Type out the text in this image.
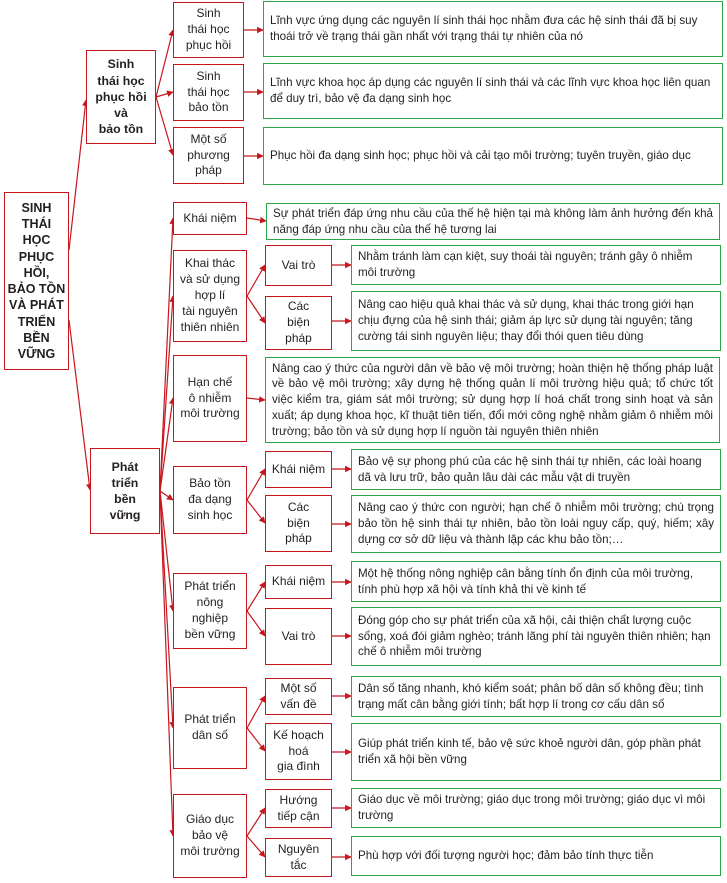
SINH
THÁI
HỌC
PHỤC
HỒI,
BẢO TỒN
VÀ PHÁT
TRIỂN
BỀN
VỮNG
Sinh
thái học
phục hồi
và
bảo tồn
Sinh
thái học
phục hồi
Lĩnh vực ứng dụng các nguyên lí sinh thái học nhằm đưa các hệ sinh thái đã bị suy thoái trở về trạng thái gần nhất với trạng thái tự nhiên của nó
Sinh
thái học
bảo tồn
Lĩnh vực khoa học áp dụng các nguyên lí sinh thái và các lĩnh vực khoa học liên quan để duy trì, bảo vệ đa dạng sinh học
Một số
phương
pháp
Phục hồi đa dạng sinh học; phục hồi và cải tạo môi trường; tuyên truyền, giáo dục
Phát
triển
bền
vững
Khái niệm	Sự phát triển đáp ứng nhu cầu của thế hệ hiện tại mà không làm ảnh hưởng đến khả năng đáp ứng nhu cầu của thế hệ tương lai
Khai thác
và sử dụng
hợp lí
tài nguyên
thiên nhiên
Vai trò
Nhằm tránh làm cạn kiệt, suy thoái tài nguyên; tránh gây ô nhiễm môi trường
Các
biện
pháp
Nâng cao hiệu quả khai thác và sử dụng, khai thác trong giới hạn chịu đựng của hệ sinh thái; giảm áp lực sử dụng tài nguyên; tăng cường tái sinh nguyên liệu; thay đổi thói quen tiêu dùng
Hạn chế
ô nhiễm
môi trường
Nâng cao ý thức của người dân về bảo vệ môi trường; hoàn thiện hệ thống pháp luật về bảo vệ môi trường; xây dựng hệ thống quản lí môi trường hiệu quả; tổ chức tốt việc kiểm tra, giám sát môi trường; sử dụng hợp lí hoá chất trong sinh hoạt và sản xuất; áp dụng khoa học, kĩ thuật tiên tiến, đổi mới công nghệ nhằm giảm ô nhiễm môi trường; bảo tồn và sử dụng hợp lí nguồn tài nguyên thiên nhiên
Bảo tồn
đa dạng
sinh học
Khái niệm
Bảo vệ sự phong phú của các hệ sinh thái tự nhiên, các loài hoang dã và lưu trữ, bảo quản lâu dài các mẫu vật di truyền
Các
biện
pháp
Nâng cao ý thức con người; hạn chế ô nhiễm môi trường; chú trọng bảo tồn hệ sinh thái tự nhiên, bảo tồn loài nguy cấp, quý, hiếm; xây dựng cơ sở dữ liệu và thành lập các khu bảo tồn;…
Phát triển
nông
nghiệp
bền vững
Khái niệm
Một hệ thống nông nghiệp cân bằng tính ổn định của môi trường, tính phù hợp xã hội và tính khả thi về kinh tế
Vai trò
Đóng góp cho sự phát triển của xã hội, cải thiện chất lượng cuộc sống, xoá đói giảm nghèo; tránh lãng phí tài nguyên thiên nhiên; hạn chế ô nhiễm môi trường
Phát triển
dân số
Một số
vấn đề
Dân số tăng nhanh, khó kiểm soát; phân bố dân số không đều; tình trạng mất cân bằng giới tính; bất hợp lí trong cơ cấu dân số
Kế hoạch
hoá
gia đình
Giúp phát triển kinh tế, bảo vệ sức khoẻ người dân, góp phần phát triển xã hội bền vững
Giáo dục
bảo vệ
môi trường
Hướng
tiếp cận
Giáo dục về môi trường; giáo dục trong môi trường; giáo dục vì môi trường
Nguyên
tắc
Phù hợp với đối tượng người học; đảm bảo tính thực tiễn
